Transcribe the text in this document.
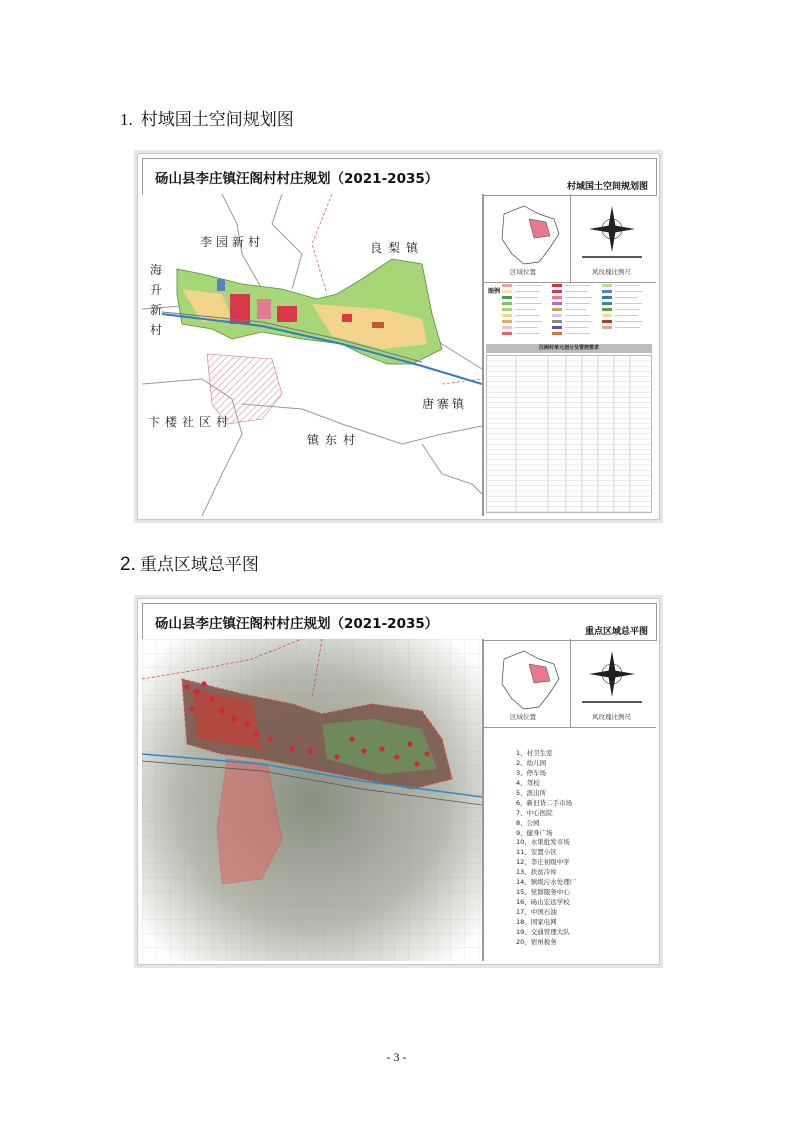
1. 村域国土空间规划图
砀山县李庄镇汪阁村村庄规划（2021-2035）	村域国土空间规划图
海
升
新
村
李园新村	良梨镇
卞楼社区村
镇东村
唐寨镇
区域位置	风玫瑰比例尺
图例
汪阁村单元划分及管控要求
2. 重点区域总平图
砀山县李庄镇汪阁村村庄规划（2021-2035）	重点区域总平图
区域位置	风玫瑰比例尺
1、村卫生室
2、幼儿园
3、停车场
4、驾校
5、派出所
6、新旧货二手市场
7、中心医院
8、公园
9、健身广场
10、水果批发市场
11、安置小区
12、李庄初级中学
13、扶贫冷库
14、镇级污水处理厂
15、党群服务中心
16、砀山宏远学校
17、中国石油
18、国家电网
19、交通管理大队
20、宿州税务
- 3 -
